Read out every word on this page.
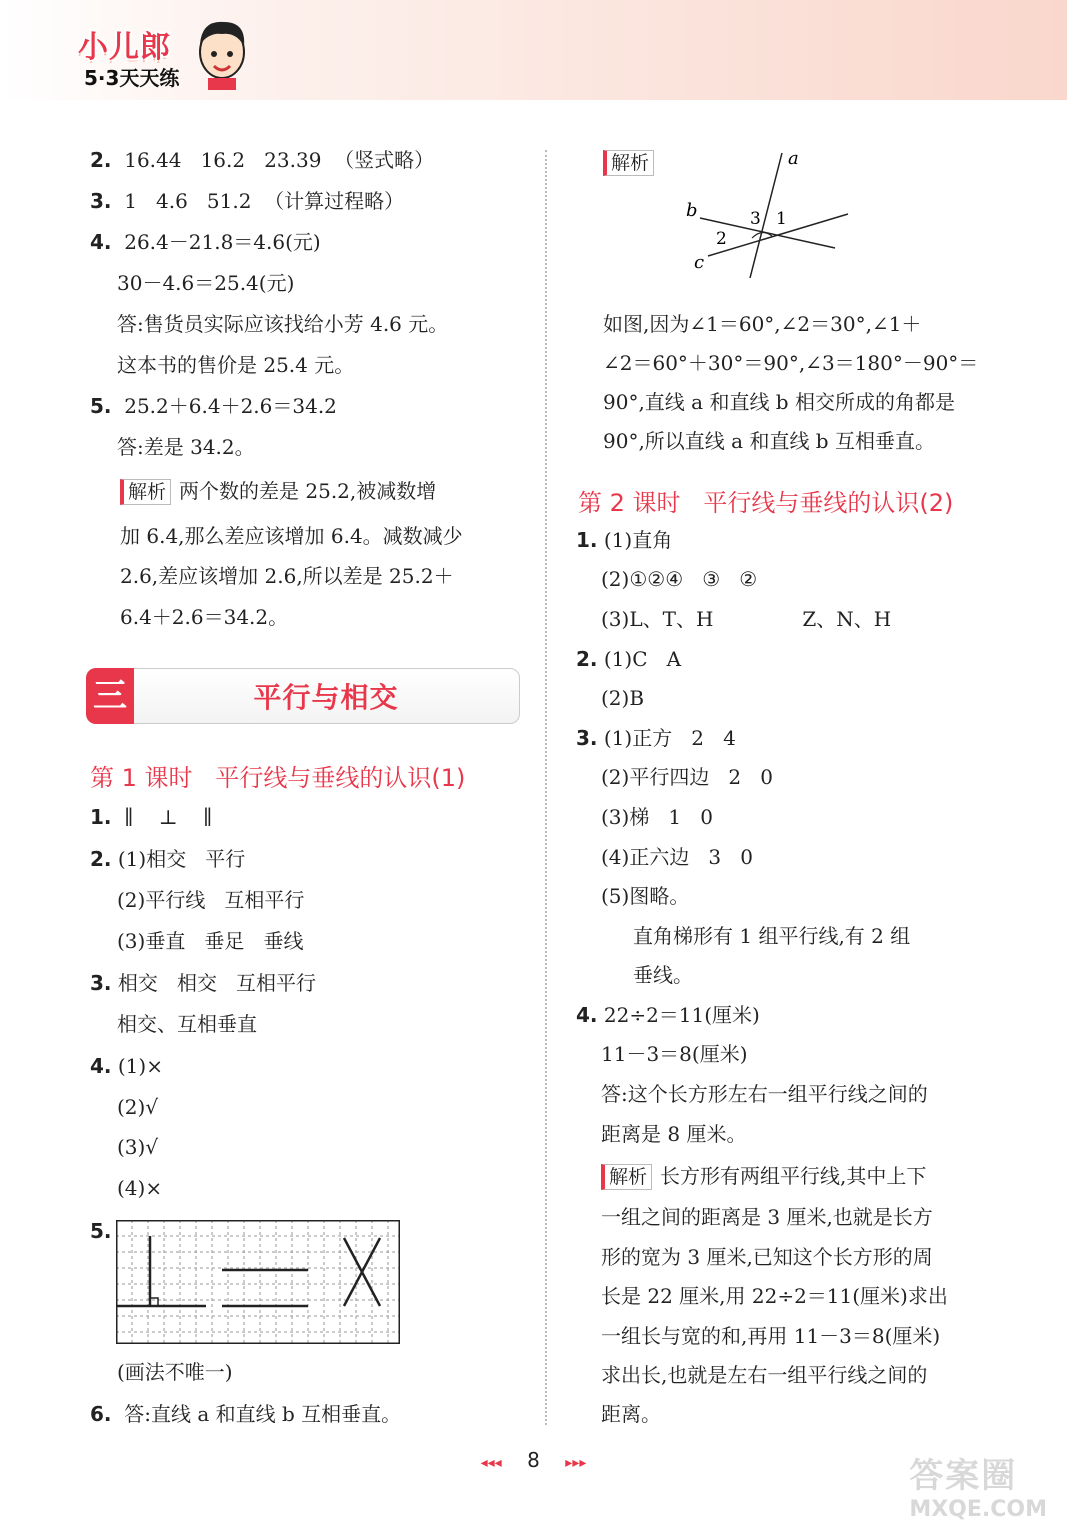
小儿郎
5·3天天练
2. 16.44   16.2   23.39  （竖式略）
3. 1   4.6   51.2  （计算过程略）
4. 26.4－21.8＝4.6(元)
30－4.6＝25.4(元)
答:售货员实际应该找给小芳 4.6 元。
这本书的售价是 25.4 元。
5. 25.2＋6.4＋2.6＝34.2
答:差是 34.2。
解析 两个数的差是 25.2,被减数增
加 6.4,那么差应该增加 6.4。减数减少
2.6,差应该增加 2.6,所以差是 25.2＋
6.4＋2.6＝34.2。
三	平行与相交
第 1 课时   平行线与垂线的认识(1)
1. ∥    ⊥    ∥
2. (1)相交   平行
(2)平行线   互相平行
(3)垂直   垂足   垂线
3. 相交   相交   互相平行
相交、互相垂直
4. (1)×
(2)√
(3)√
(4)×
5.
(画法不唯一)
6. 答:直线 a 和直线 b 互相垂直。
解析	a
b
c
1
2
3
如图,因为∠1＝60°,∠2＝30°,∠1＋
∠2＝60°＋30°＝90°,∠3＝180°－90°＝
90°,直线 a 和直线 b 相交所成的角都是
90°,所以直线 a 和直线 b 互相垂直。
第 2 课时   平行线与垂线的认识(2)
1. (1)直角
(2)①②④   ③   ②
(3)L、T、H              Z、N、H
2. (1)C   A
(2)B
3. (1)正方   2   4
(2)平行四边   2   0
(3)梯   1   0
(4)正六边   3   0
(5)图略。
直角梯形有 1 组平行线,有 2 组
垂线。
4. 22÷2＝11(厘米)
11－3＝8(厘米)
答:这个长方形左右一组平行线之间的
距离是 8 厘米。
解析 长方形有两组平行线,其中上下
一组之间的距离是 3 厘米,也就是长方
形的宽为 3 厘米,已知这个长方形的周
长是 22 厘米,用 22÷2＝11(厘米)求出
一组长与宽的和,再用 11－3＝8(厘米)
求出长,也就是左右一组平行线之间的
距离。
◂◂◂ 8 ▸▸▸	答案圈
MXQE.COM
